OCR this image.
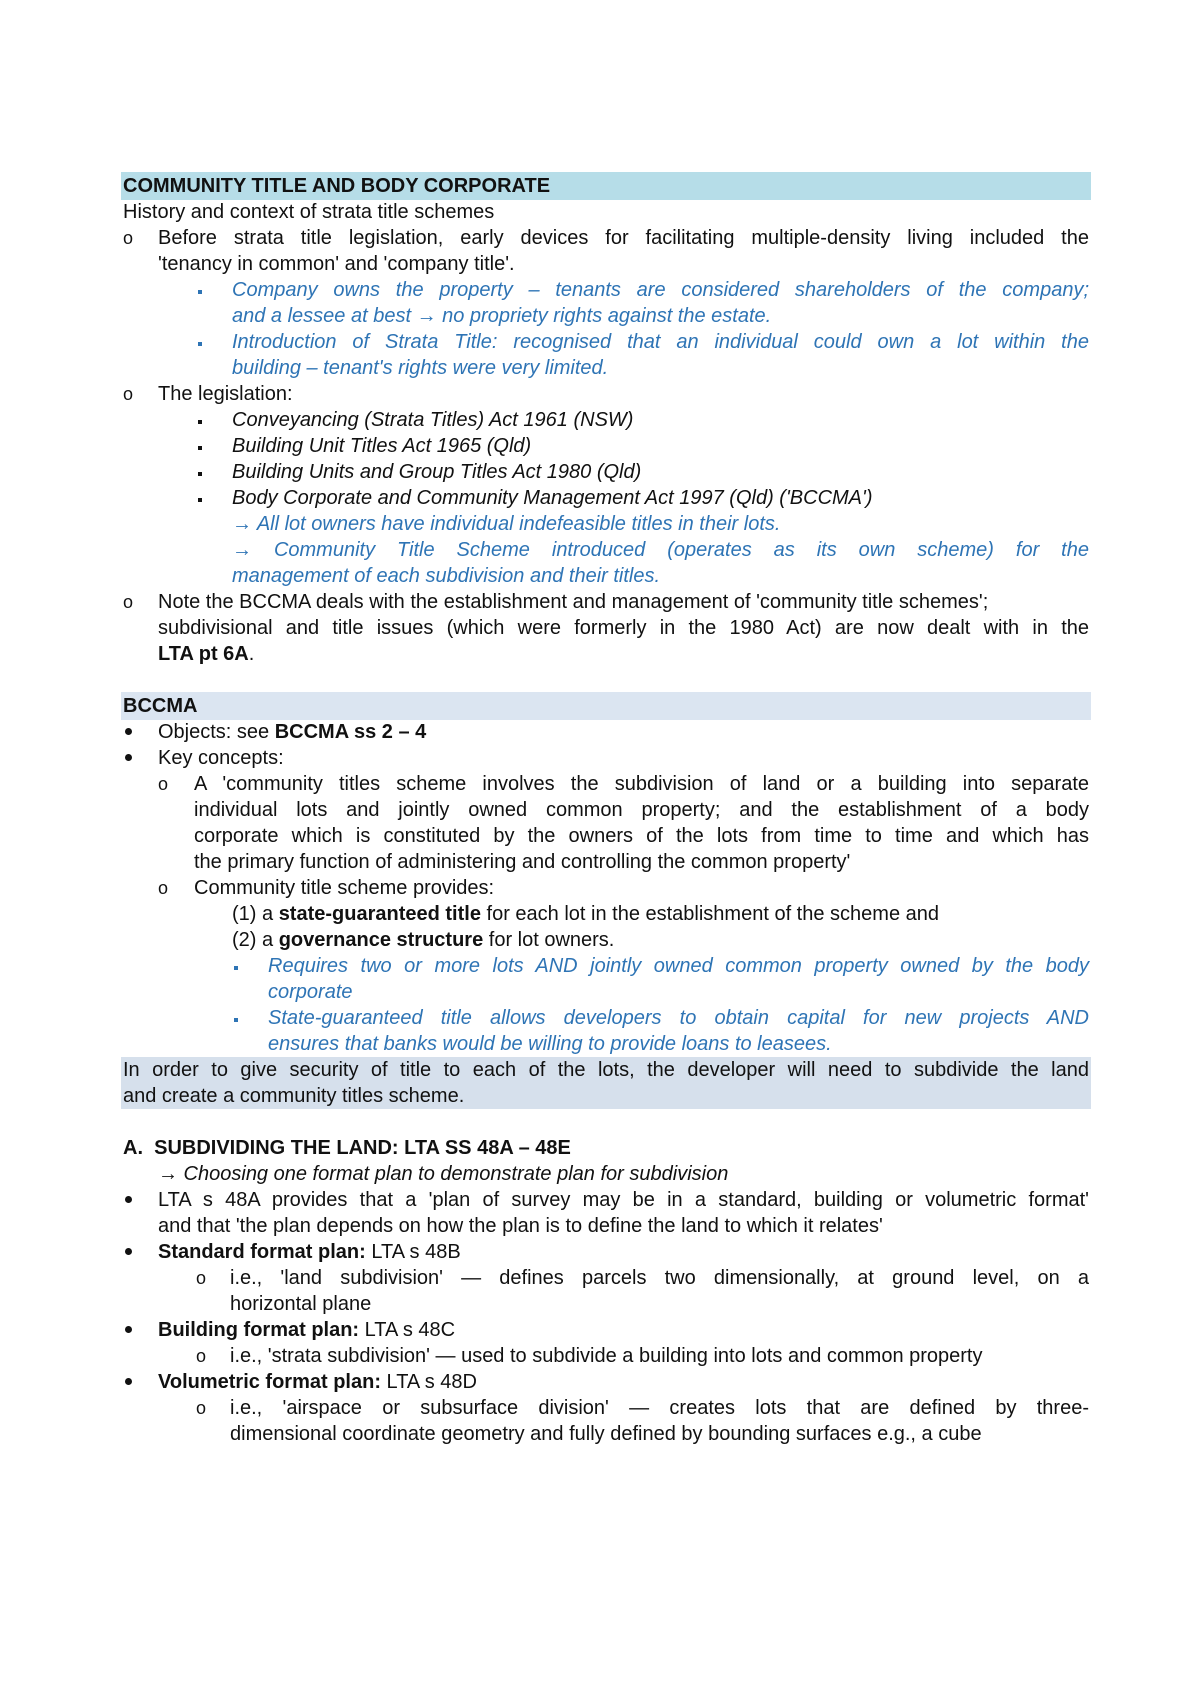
COMMUNITY TITLE AND BODY CORPORATE
History and context of strata title schemes
o Before strata title legislation, early devices for facilitating multiple-density living included the
'tenancy in common' and 'company title'.
Company owns the property – tenants are considered shareholders of the company;
and a lessee at best → no propriety rights against the estate.
Introduction of Strata Title: recognised that an individual could own a lot within the
building – tenant's rights were very limited.
o The legislation:
Conveyancing (Strata Titles) Act 1961 (NSW)
Building Unit Titles Act 1965 (Qld)
Building Units and Group Titles Act 1980 (Qld)
Body Corporate and Community Management Act 1997 (Qld) ('BCCMA')
→ All lot owners have individual indefeasible titles in their lots.
→ Community Title Scheme introduced (operates as its own scheme) for the
management of each subdivision and their titles.
o Note the BCCMA deals with the establishment and management of 'community title schemes';
subdivisional and title issues (which were formerly in the 1980 Act) are now dealt with in the
LTA pt 6A.
BCCMA
Objects: see BCCMA ss 2 – 4
Key concepts:
o A 'community titles scheme involves the subdivision of land or a building into separate
individual lots and jointly owned common property; and the establishment of a body
corporate which is constituted by the owners of the lots from time to time and which has
the primary function of administering and controlling the common property'
o Community title scheme provides:
(1) a state-guaranteed title for each lot in the establishment of the scheme and
(2) a governance structure for lot owners.
Requires two or more lots AND jointly owned common property owned by the body
corporate
State-guaranteed title allows developers to obtain capital for new projects AND
ensures that banks would be willing to provide loans to leasees.
In order to give security of title to each of the lots, the developer will need to subdivide the land
and create a community titles scheme.
A.  SUBDIVIDING THE LAND: LTA SS 48A – 48E
→ Choosing one format plan to demonstrate plan for subdivision
LTA s 48A provides that a 'plan of survey may be in a standard, building or volumetric format'
and that 'the plan depends on how the plan is to define the land to which it relates'
Standard format plan: LTA s 48B
o i.e., 'land subdivision' — defines parcels two dimensionally, at ground level, on a
horizontal plane
Building format plan: LTA s 48C
o i.e., 'strata subdivision' — used to subdivide a building into lots and common property
Volumetric format plan: LTA s 48D
o i.e., 'airspace or subsurface division' — creates lots that are defined by three-
dimensional coordinate geometry and fully defined by bounding surfaces e.g., a cube
